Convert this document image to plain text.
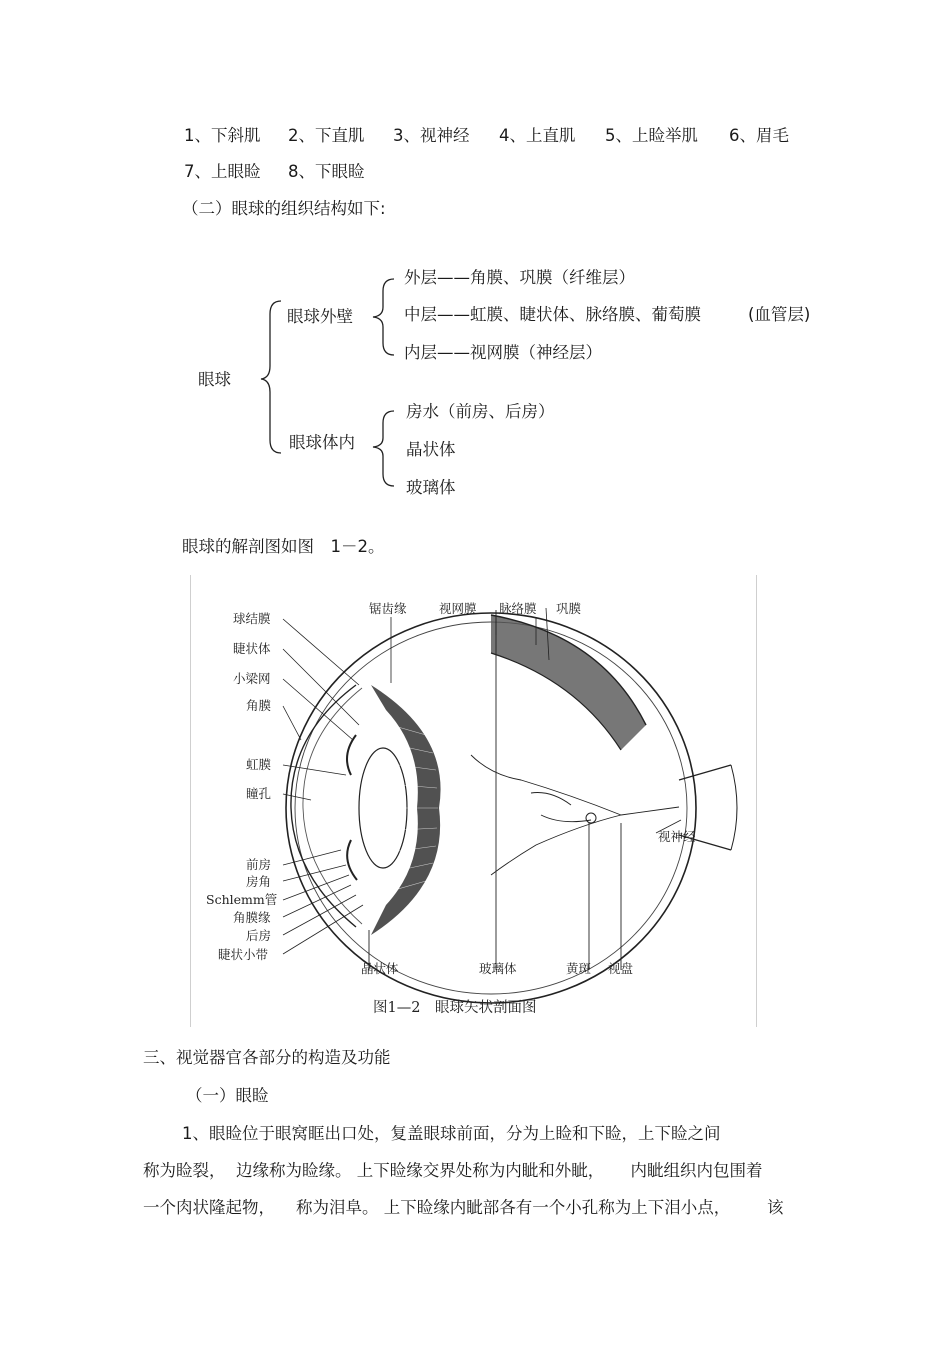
1、下斜肌 2、下直肌 3、视神经 4、上直肌 5、上睑举肌 6、眉毛
7、上眼睑 8、下眼睑
（二）眼球的组织结构如下:
眼球
眼球外壁
外层——角膜、巩膜（纤维层）
中层——虹膜、睫状体、脉络膜、葡萄膜	(血管层)
内层——视网膜（神经层）
眼球体内
房水（前房、后房）
晶状体
玻璃体
眼球的解剖图如图　1－2。
球结膜
睫状体
小梁网
角膜
虹膜
瞳孔
前房
房角
Schlemm管
角膜缘
后房
睫状小带
锯齿缘	视网膜 脉络膜 巩膜
视神经
晶状体	玻璃体	黄斑 视盘
图1—2　眼球矢状剖面图
三、视觉器官各部分的构造及功能
（一）眼睑
1、眼睑位于眼窝眶出口处，复盖眼球前面，分为上睑和下睑，上下睑之间
称为睑裂，  边缘称为睑缘。 上下睑缘交界处称为内眦和外眦，     内眦组织内包围着
一个肉状隆起物，    称为泪阜。 上下睑缘内眦部各有一个小孔称为上下泪小点，       该
